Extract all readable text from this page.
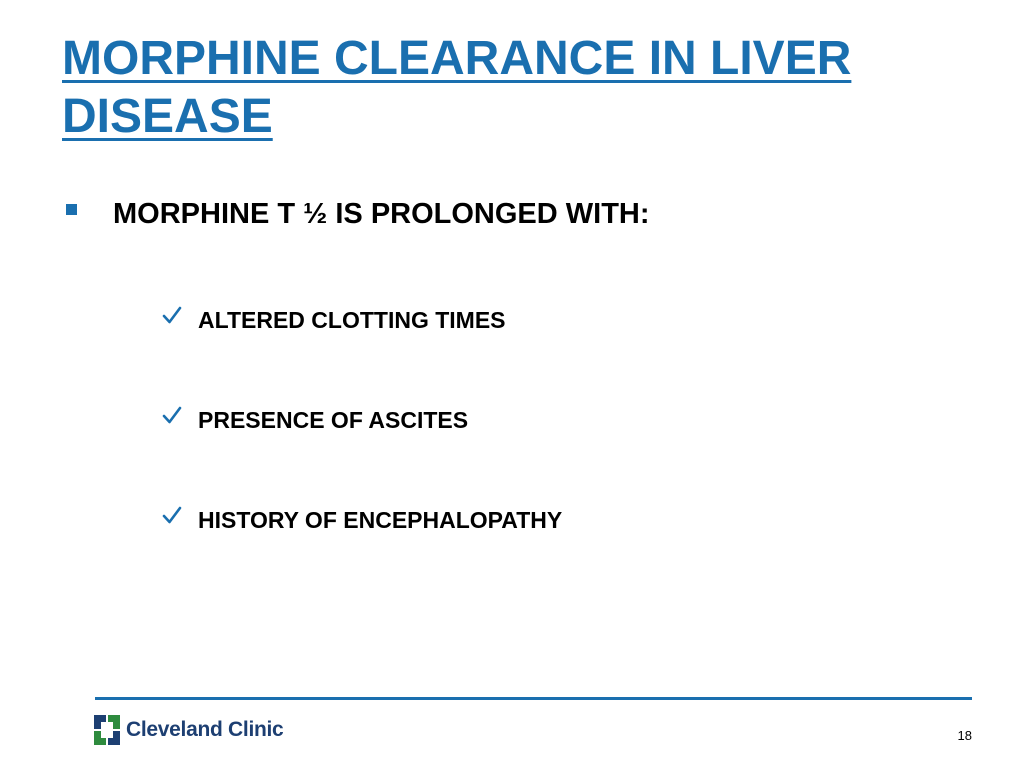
MORPHINE CLEARANCE IN LIVER DISEASE
MORPHINE T ½ IS PROLONGED WITH:
ALTERED CLOTTING TIMES
PRESENCE OF ASCITES
HISTORY OF ENCEPHALOPATHY
Cleveland Clinic	18
